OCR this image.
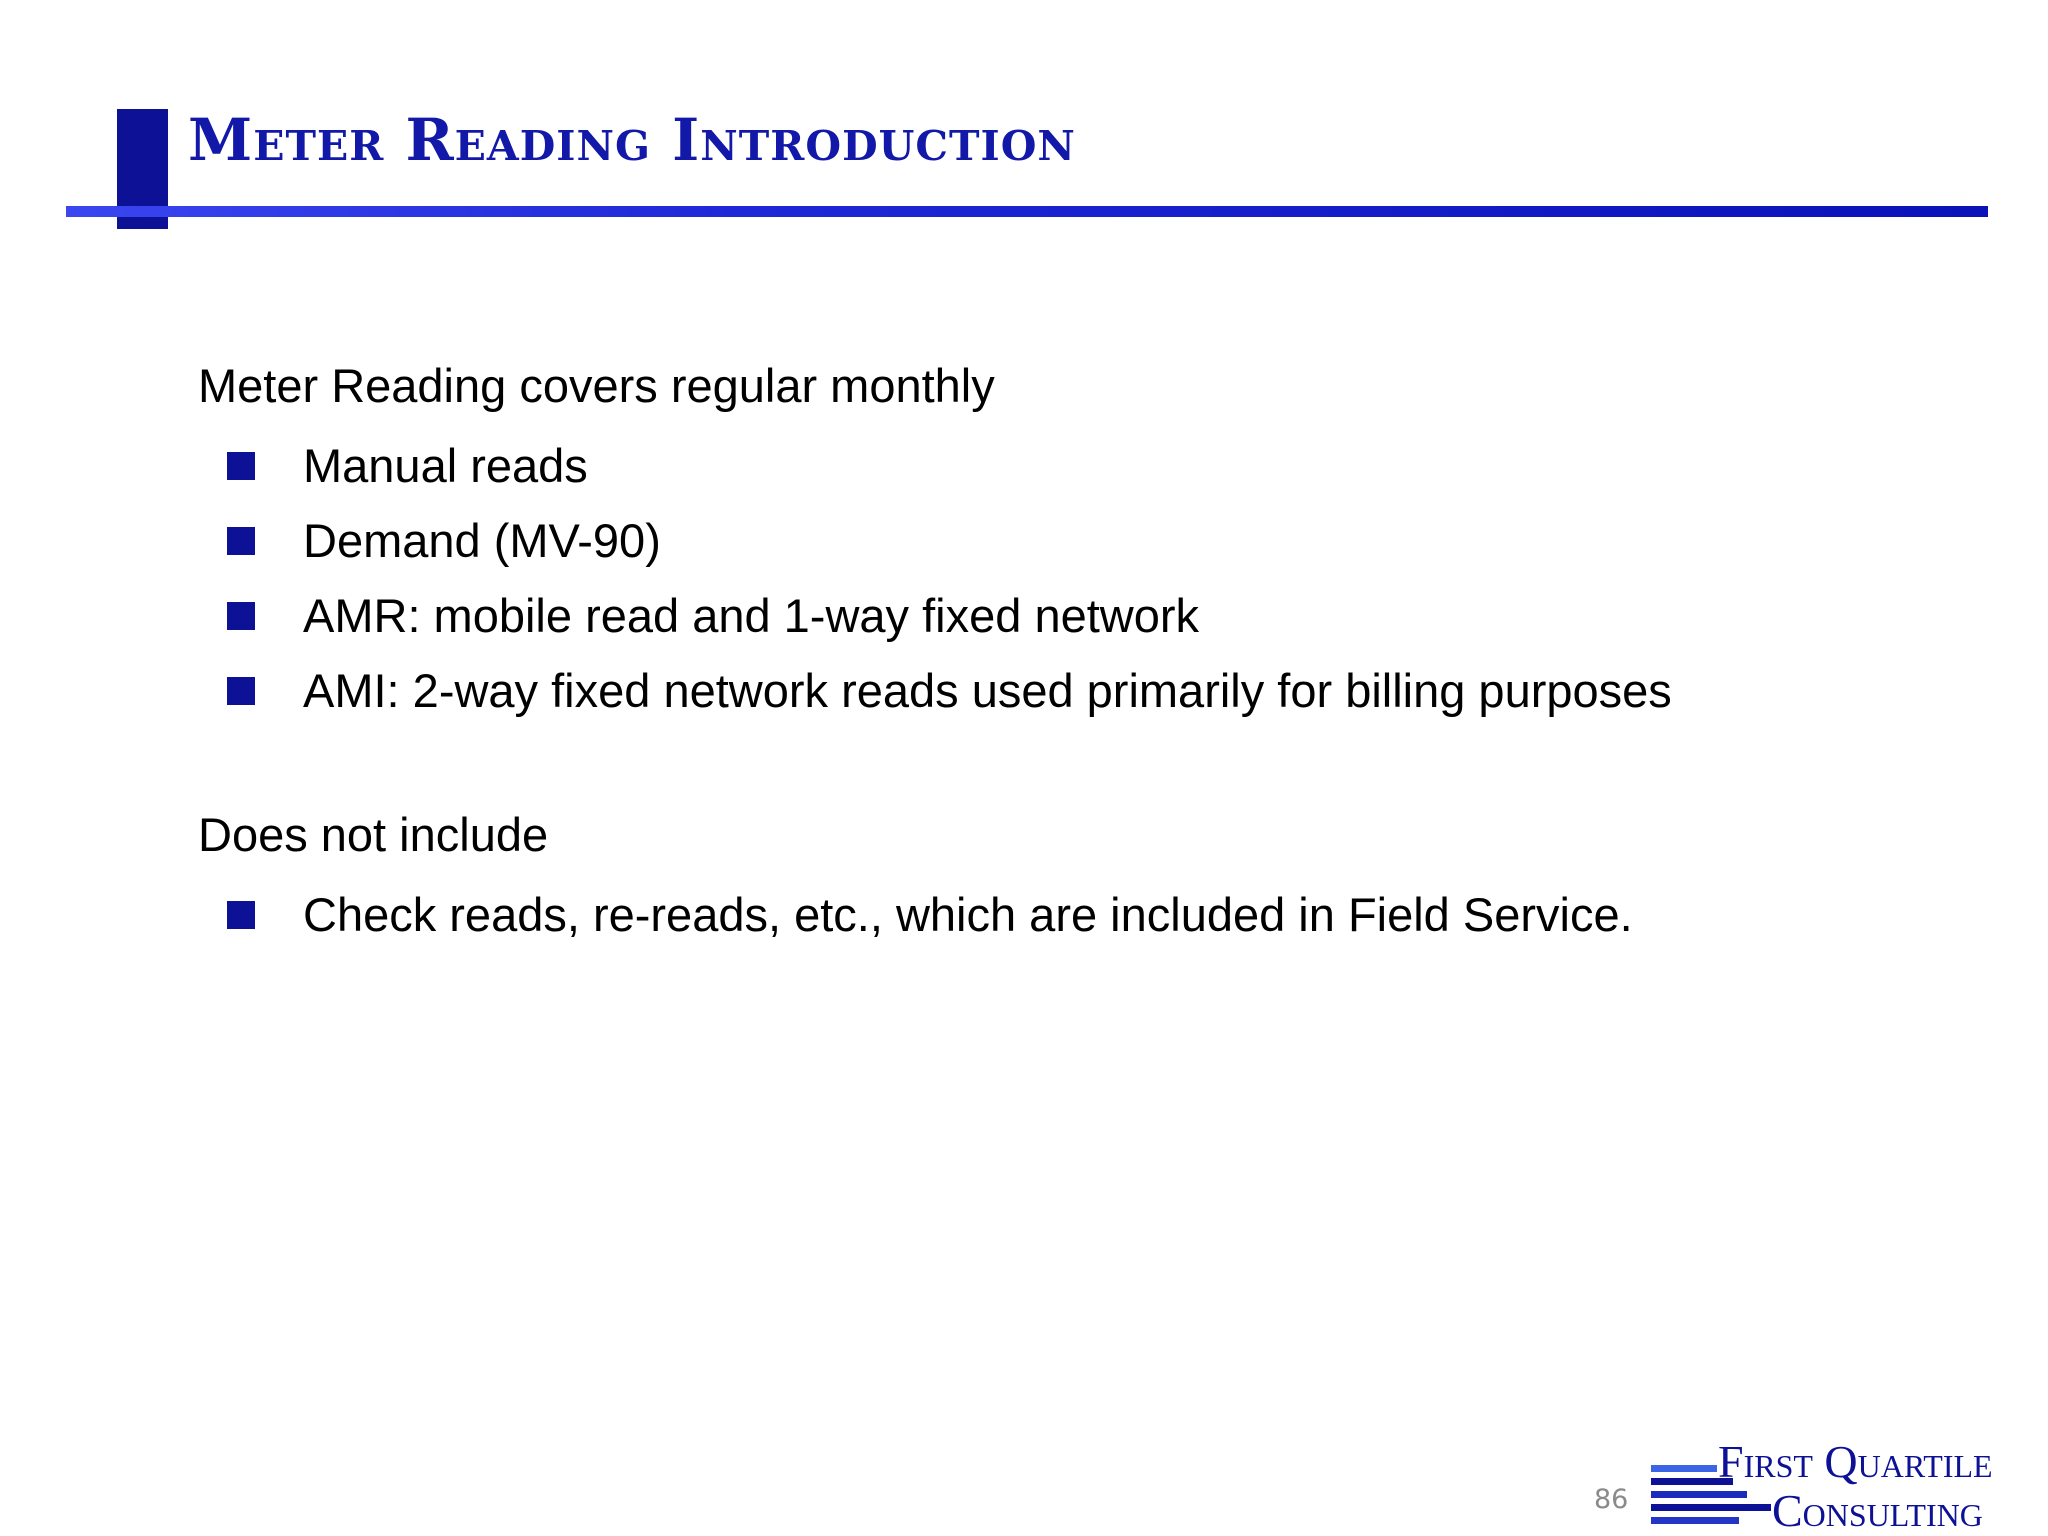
Meter Reading Introduction
Meter Reading covers regular monthly
Manual reads
Demand (MV-90)
AMR: mobile read and 1-way fixed network
AMI: 2-way fixed network reads used primarily for billing purposes
Does not include
Check reads, re-reads, etc., which are included in Field Service.
86
First Quartile
Consulting
